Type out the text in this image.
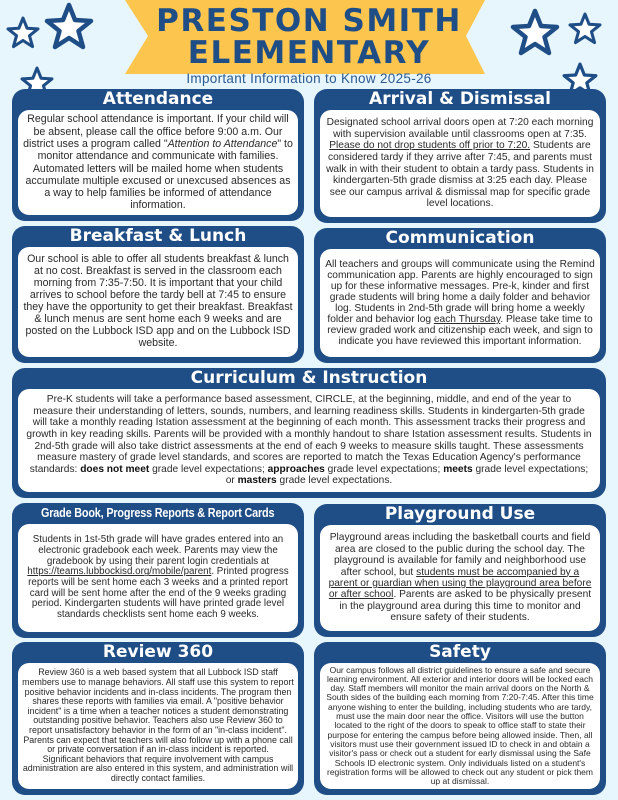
PRESTON SMITH
ELEMENTARY
Important Information to Know 2025-26
Attendance

Regular school attendance is important. If your child will be absent, please call the office before 9:00 a.m. Our district uses a program called "Attention to Attendance" to monitor attendance and communicate with families. Automated letters will be mailed home when students accumulate multiple excused or unexcused absences as a way to help families be informed of attendance information.

Arrival & Dismissal

Designated school arrival doors open at 7:20 each morning with supervision available until classrooms open at 7:35. Please do not drop students off prior to 7:20. Students are considered tardy if they arrive after 7:45, and parents must walk in with their student to obtain a tardy pass. Students in kindergarten-5th grade dismiss at 3:25 each day. Please see our campus arrival & dismissal map for specific grade level locations.

Breakfast & Lunch

Our school is able to offer all students breakfast & lunch at no cost. Breakfast is served in the classroom each morning from 7:35-7:50. It is important that your child arrives to school before the tardy bell at 7:45 to ensure they have the opportunity to get their breakfast. Breakfast & lunch menus are sent home each 9 weeks and are posted on the Lubbock ISD app and on the Lubbock ISD website.

Communication

All teachers and groups will communicate using the Remind communication app. Parents are highly encouraged to sign up for these informative messages. Pre-k, kinder and first grade students will bring home a daily folder and behavior log. Students in 2nd-5th grade will bring home a weekly folder and behavior log each Thursday. Please take time to review graded work and citizenship each week, and sign to indicate you have reviewed this important information.

Curriculum & Instruction

Pre-K students will take a performance based assessment, CIRCLE, at the beginning, middle, and end of the year to measure their understanding of letters, sounds, numbers, and learning readiness skills. Students in kindergarten-5th grade will take a monthly reading Istation assessment at the beginning of each month. This assessment tracks their progress and growth in key reading skills. Parents will be provided with a monthly handout to share Istation assessment results. Students in 2nd-5th grade will also take district assessments at the end of each 9 weeks to measure skills taught. These assessments measure mastery of grade level standards, and scores are reported to match the Texas Education Agency's performance standards: does not meet grade level expectations; approaches grade level expectations; meets grade level expectations; or masters grade level expectations.

Grade Book, Progress Reports & Report Cards

Students in 1st-5th grade will have grades entered into an electronic gradebook each week. Parents may view the gradebook by using their parent login credentials at https://teams.lubbockisd.org/mobile/parent. Printed progress reports will be sent home each 3 weeks and a printed report card will be sent home after the end of the 9 weeks grading period. Kindergarten students will have printed grade level standards checklists sent home each 9 weeks.

Playground Use

Playground areas including the basketball courts and field area are closed to the public during the school day. The playground is available for family and neighborhood use after school, but students must be accompanied by a parent or guardian when using the playground area before or after school. Parents are asked to be physically present in the playground area during this time to monitor and ensure safety of their students.

Review 360

Review 360 is a web based system that all Lubbock ISD staff members use to manage behaviors. All staff use this system to report positive behavior incidents and in-class incidents. The program then shares these reports with families via email. A "positive behavior incident" is a time when a teacher notices a student demonstrating outstanding positive behavior. Teachers also use Review 360 to report unsatisfactory behavior in the form of an "in-class incident". Parents can expect that teachers will also follow up with a phone call or private conversation if an in-class incident is reported.
Significant behaviors that require involvement with campus administration are also entered in this system, and administration will directly contact families.

Safety

Our campus follows all district guidelines to ensure a safe and secure learning environment. All exterior and interior doors will be locked each day. Staff members will monitor the main arrival doors on the North & South sides of the building each morning from 7:20-7:45. After this time anyone wishing to enter the building, including students who are tardy, must use the main door near the office. Visitors will use the button located to the right of the doors to speak to office staff to state their purpose for entering the campus before being allowed inside. Then, all visitors must use their government issued ID to check in and obtain a visitor's pass or check out a student for early dismissal using the Safe Schools ID electronic system. Only individuals listed on a student's registration forms will be allowed to check out any student or pick them up at dismissal.
